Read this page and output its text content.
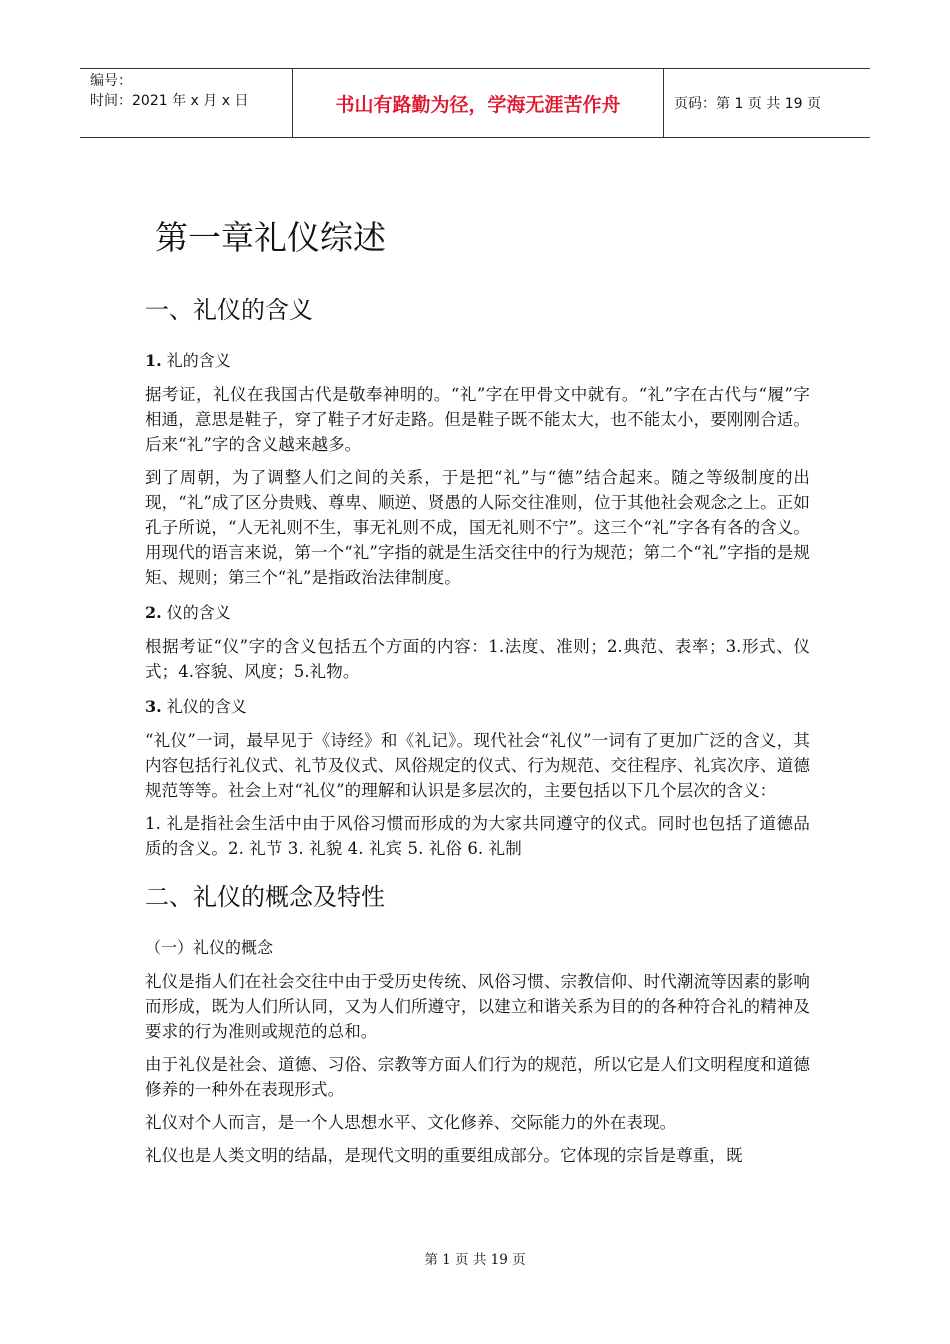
编号：
时间：2021 年 x 月 x 日	书山有路勤为径，学海无涯苦作舟	页码：第 1 页 共 19 页
第一章礼仪综述
一、礼仪的含义
1. 礼的含义

据考证，礼仪在我国古代是敬奉神明的。“礼”字在甲骨文中就有。“礼”字在古代与“履”字相通，意思是鞋子，穿了鞋子才好走路。但是鞋子既不能太大，也不能太小，要刚刚合适。后来“礼”字的含义越来越多。

到了周朝，为了调整人们之间的关系，于是把“礼”与“德”结合起来。随之等级制度的出现，“礼”成了区分贵贱、尊卑、顺逆、贤愚的人际交往准则，位于其他社会观念之上。正如孔子所说，“人无礼则不生，事无礼则不成，国无礼则不宁”。这三个“礼”字各有各的含义。用现代的语言来说，第一个“礼”字指的就是生活交往中的行为规范；第二个“礼”字指的是规矩、规则；第三个“礼”是指政治法律制度。

2. 仪的含义

根据考证“仪”字的含义包括五个方面的内容：1.法度、准则；2.典范、表率；3.形式、仪式；4.容貌、风度；5.礼物。

3. 礼仪的含义

“礼仪”一词，最早见于《诗经》和《礼记》。现代社会“礼仪”一词有了更加广泛的含义，其内容包括行礼仪式、礼节及仪式、风俗规定的仪式、行为规范、交往程序、礼宾次序、道德规范等等。社会上对“礼仪”的理解和认识是多层次的，主要包括以下几个层次的含义：

1. 礼是指社会生活中由于风俗习惯而形成的为大家共同遵守的仪式。同时也包括了道德品质的含义。2. 礼节 3. 礼貌 4. 礼宾 5. 礼俗 6. 礼制

二、礼仪的概念及特性
（一）礼仪的概念

礼仪是指人们在社会交往中由于受历史传统、风俗习惯、宗教信仰、时代潮流等因素的影响而形成，既为人们所认同，又为人们所遵守，以建立和谐关系为目的的各种符合礼的精神及要求的行为准则或规范的总和。

由于礼仪是社会、道德、习俗、宗教等方面人们行为的规范，所以它是人们文明程度和道德修养的一种外在表现形式。

礼仪对个人而言，是一个人思想水平、文化修养、交际能力的外在表现。

礼仪也是人类文明的结晶，是现代文明的重要组成部分。它体现的宗旨是尊重，既

第 1 页 共 19 页
